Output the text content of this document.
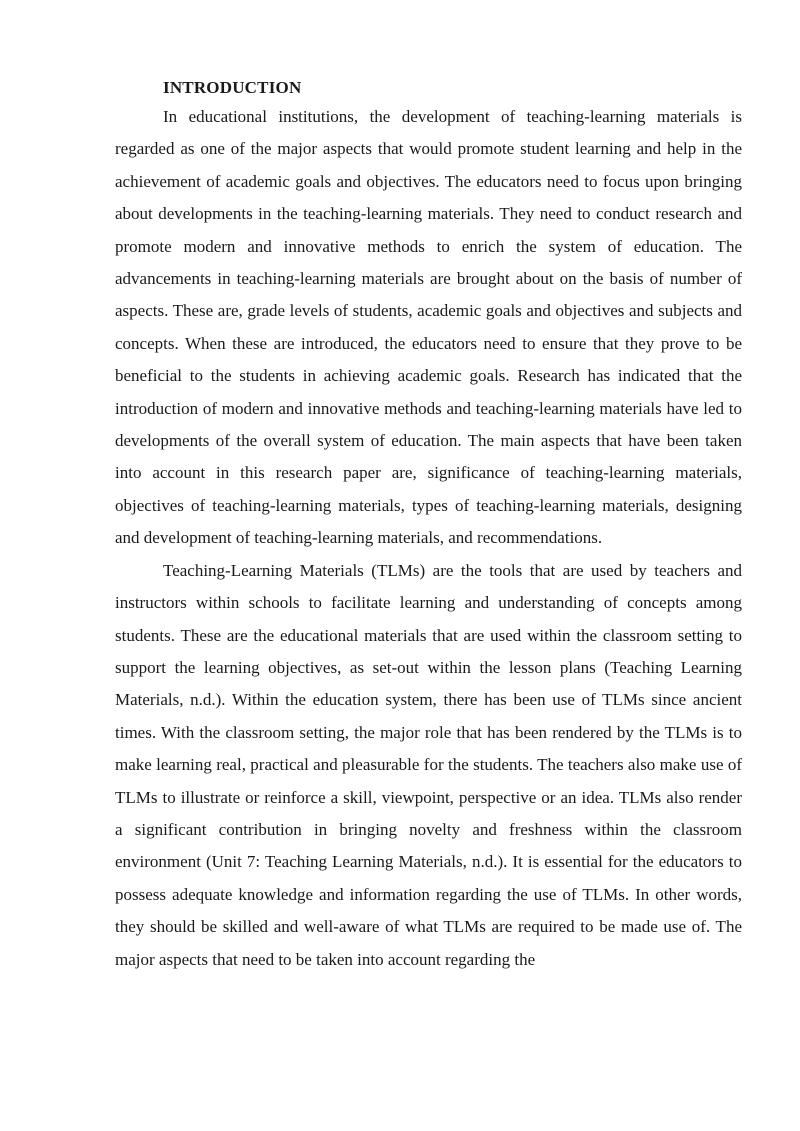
INTRODUCTION

In educational institutions, the development of teaching-learning materials is regarded as one of the major aspects that would promote student learning and help in the achievement of academic goals and objectives. The educators need to focus upon bringing about developments in the teaching-learning materials. They need to conduct research and promote modern and innovative methods to enrich the system of education. The advancements in teaching-learning materials are brought about on the basis of number of aspects. These are, grade levels of students, academic goals and objectives and subjects and concepts. When these are introduced, the educators need to ensure that they prove to be beneficial to the students in achieving academic goals. Research has indicated that the introduction of modern and innovative methods and teaching-learning materials have led to developments of the overall system of education. The main aspects that have been taken into account in this research paper are, significance of teaching-learning materials, objectives of teaching-learning materials, types of teaching-learning materials, designing and development of teaching-learning materials, and recommendations.

Teaching-Learning Materials (TLMs) are the tools that are used by teachers and instructors within schools to facilitate learning and understanding of concepts among students. These are the educational materials that are used within the classroom setting to support the learning objectives, as set-out within the lesson plans (Teaching Learning Materials, n.d.). Within the education system, there has been use of TLMs since ancient times. With the classroom setting, the major role that has been rendered by the TLMs is to make learning real, practical and pleasurable for the students. The teachers also make use of TLMs to illustrate or reinforce a skill, viewpoint, perspective or an idea. TLMs also render a significant contribution in bringing novelty and freshness within the classroom environment (Unit 7: Teaching Learning Materials, n.d.). It is essential for the educators to possess adequate knowledge and information regarding the use of TLMs. In other words, they should be skilled and well-aware of what TLMs are required to be made use of. The major aspects that need to be taken into account regarding the
